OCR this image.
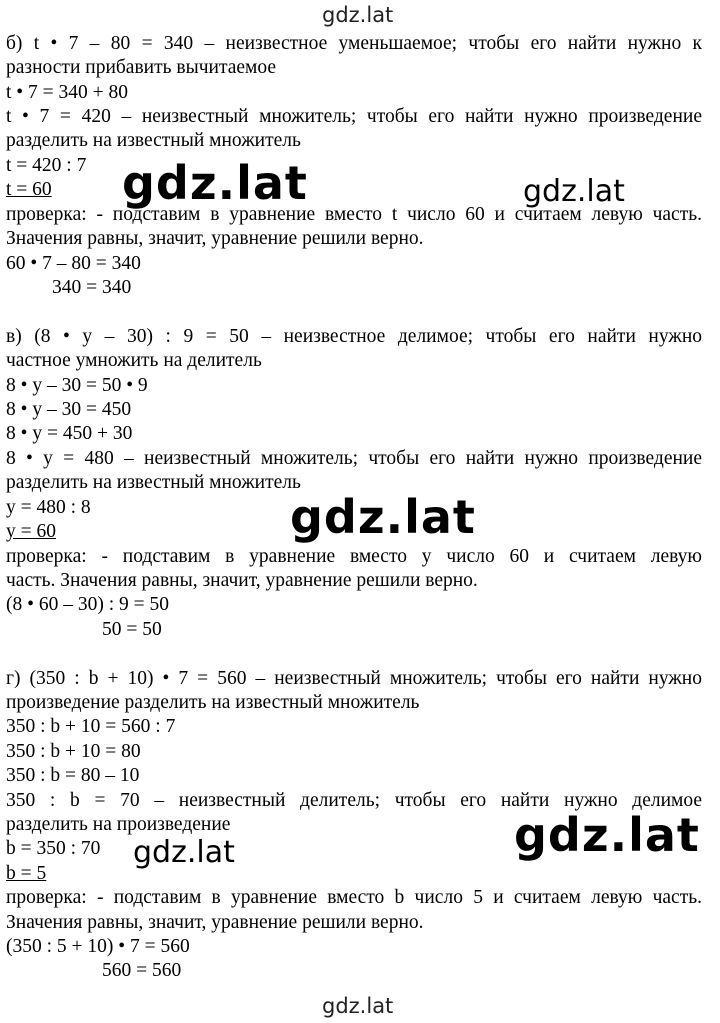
gdz.lat
gdz.lat	gdz.lat
gdz.lat
gdz.lat
gdz.lat
gdz.lat
б) t • 7 – 80 = 340 – неизвестное уменьшаемое; чтобы его найти нужно к
разности прибавить вычитаемое
t • 7 = 340 + 80
t • 7 = 420 – неизвестный множитель; чтобы его найти нужно произведение
разделить на известный множитель
t = 420 : 7
t = 60
проверка: - подставим в уравнение вместо t число 60 и считаем левую часть.
Значения равны, значит, уравнение решили верно.
60 • 7 – 80 = 340
340 = 340
в) (8 • y – 30) : 9 = 50 – неизвестное делимое; чтобы его найти нужно
частное умножить на делитель
8 • y – 30 = 50 • 9
8 • y – 30 = 450
8 • y = 450 + 30
8 • y = 480 – неизвестный множитель; чтобы его найти нужно произведение
разделить на известный множитель
y = 480 : 8
y = 60
проверка: - подставим в уравнение вместо y число 60 и считаем левую
часть. Значения равны, значит, уравнение решили верно.
(8 • 60 – 30) : 9 = 50
50 = 50
г) (350 : b + 10) • 7 = 560 – неизвестный множитель; чтобы его найти нужно
произведение разделить на известный множитель
350 : b + 10 = 560 : 7
350 : b + 10 = 80
350 : b = 80 – 10
350 : b = 70 – неизвестный делитель; чтобы его найти нужно делимое
разделить на произведение
b = 350 : 70
b = 5
проверка: - подставим в уравнение вместо b число 5 и считаем левую часть.
Значения равны, значит, уравнение решили верно.
(350 : 5 + 10) • 7 = 560
560 = 560
